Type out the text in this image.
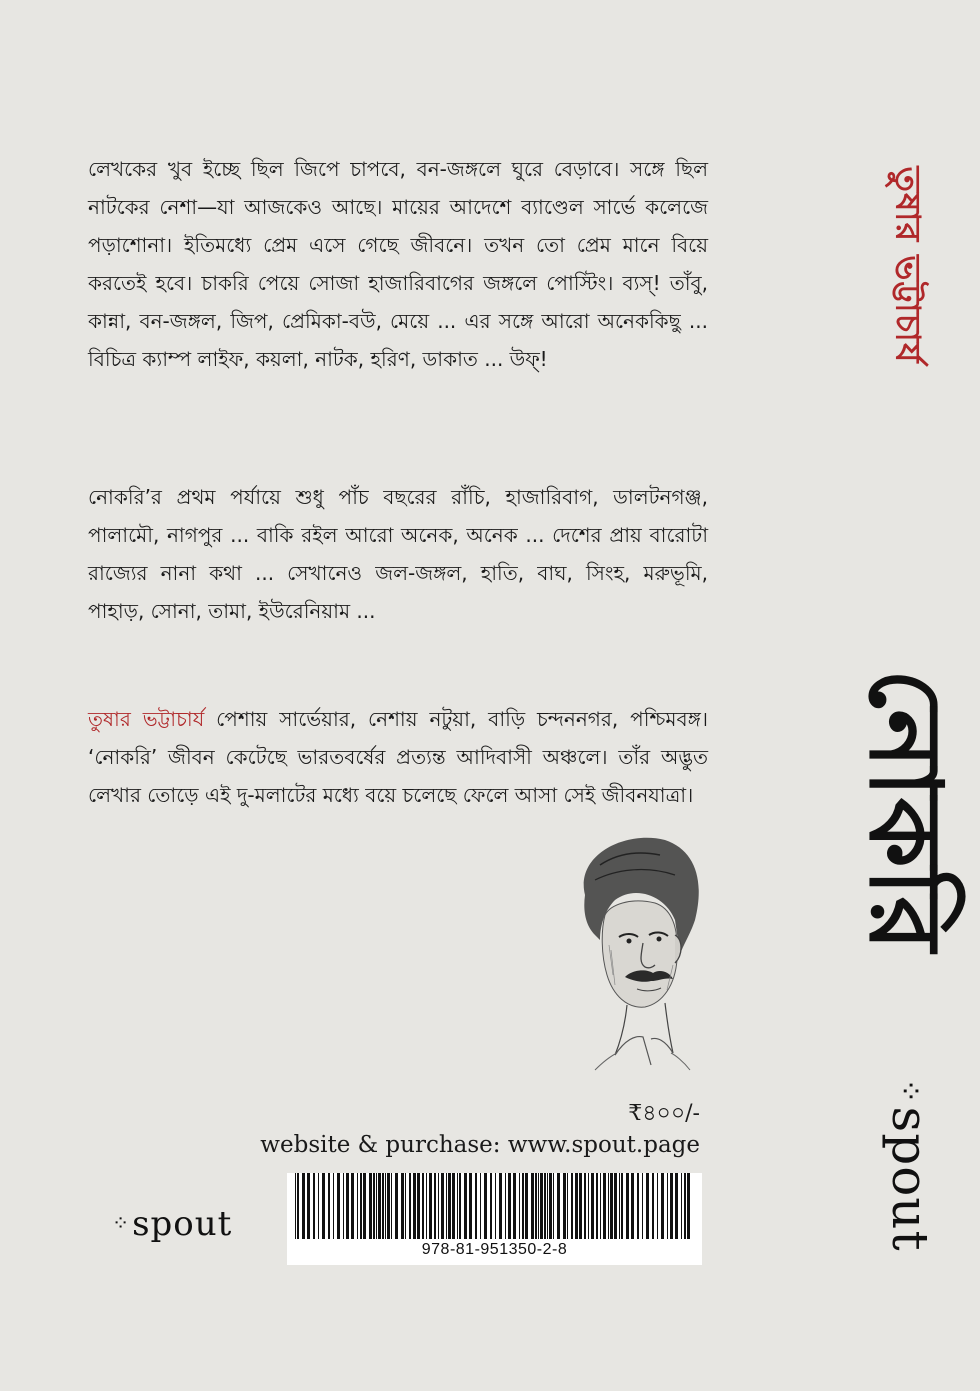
লেখকের খুব ইচ্ছে ছিল জিপে চাপবে, বন-জঙ্গলে ঘুরে বেড়াবে। সঙ্গে ছিল নাটকের নেশা—যা আজকেও আছে। মায়ের আদেশে ব্যাণ্ডেল সার্ভে কলেজে পড়াশোনা। ইতিমধ্যে প্রেম এসে গেছে জীবনে। তখন তো প্রেম মানে বিয়ে করতেই হবে। চাকরি পেয়ে সোজা হাজারিবাগের জঙ্গলে পোস্টিং। ব্যস্! তাঁবু, কান্না, বন-জঙ্গল, জিপ, প্রেমিকা-বউ, মেয়ে ... এর সঙ্গে আরো অনেককিছু ... বিচিত্র ক্যাম্প লাইফ, কয়লা, নাটক, হরিণ, ডাকাত ... উফ্!
নোকরি’র প্রথম পর্যায়ে শুধু পাঁচ বছরের রাঁচি, হাজারিবাগ, ডালটনগঞ্জ, পালামৌ, নাগপুর ... বাকি রইল আরো অনেক, অনেক ... দেশের প্রায় বারোটা রাজ্যের নানা কথা ... সেখানেও জল-জঙ্গল, হাতি, বাঘ, সিংহ, মরুভূমি, পাহাড়, সোনা, তামা, ইউরেনিয়াম ...
তুষার ভট্টাচার্য পেশায় সার্ভেয়ার, নেশায় নটুয়া, বাড়ি চন্দননগর, পশ্চিমবঙ্গ। ‘নোকরি’ জীবন কেটেছে ভারতবর্ষের প্রত্যন্ত আদিবাসী অঞ্চলে। তাঁর অদ্ভুত লেখার তোড়ে এই দু-মলাটের মধ্যে বয়ে চলেছে ফেলে আসা সেই জীবনযাত্রা।
₹৪০০/-
website & purchase: www.spout.page
978-81-951350-2-8
⁘spout
তুষার ভট্টাচার্য
নোকরি
⁘spout
